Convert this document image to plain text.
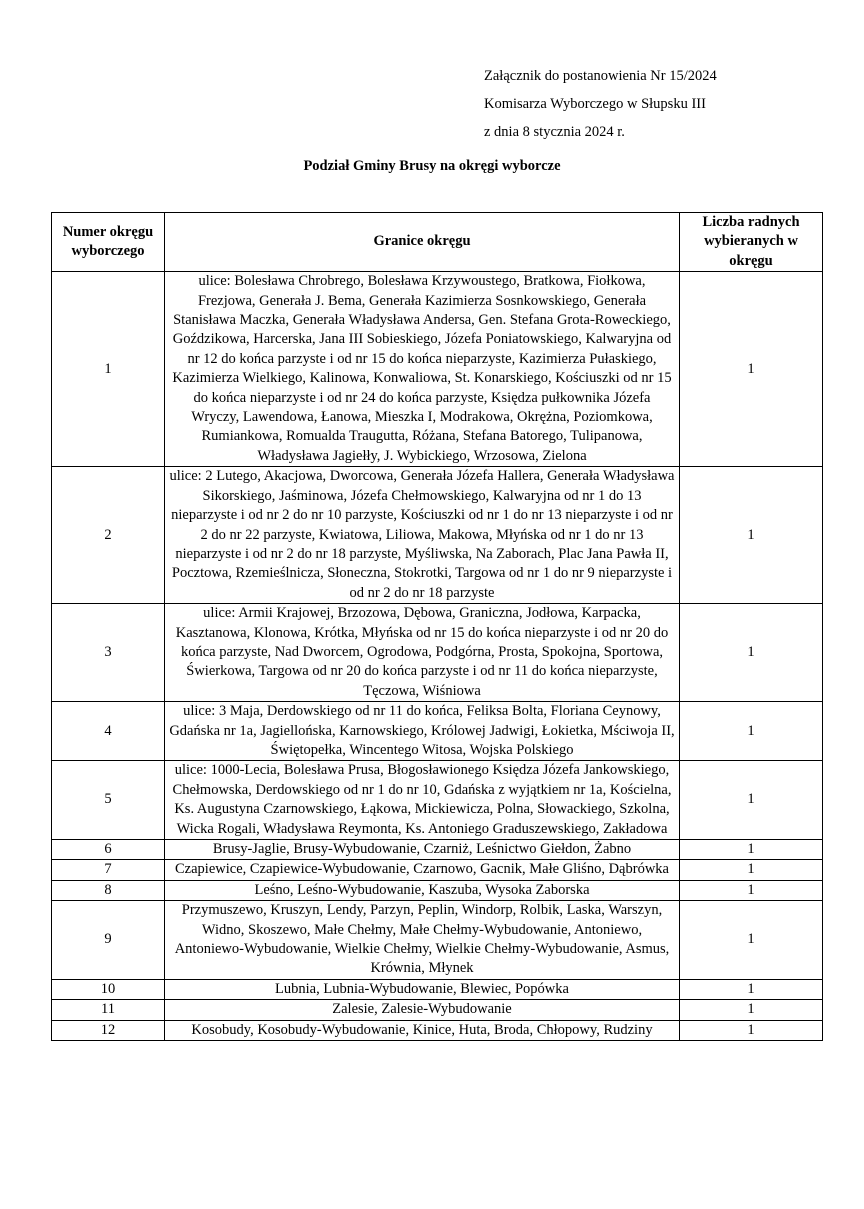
Załącznik do postanowienia Nr 15/2024
Komisarza Wyborczego w Słupsku III
z dnia 8 stycznia 2024 r.
Podział Gminy Brusy na okręgi wyborcze
Numer okręgu wyborczego	Granice okręgu	Liczba radnych wybieranych w okręgu
1	ulice: Bolesława Chrobrego, Bolesława Krzywoustego, Bratkowa, Fiołkowa, Frezjowa, Generała J. Bema, Generała Kazimierza Sosnkowskiego, Generała Stanisława Maczka, Generała Władysława Andersa, Gen. Stefana Grota-Roweckiego, Goździkowa, Harcerska, Jana III Sobieskiego, Józefa Poniatowskiego, Kalwaryjna od nr 12 do końca parzyste i od nr 15 do końca nieparzyste, Kazimierza Pułaskiego, Kazimierza Wielkiego, Kalinowa, Konwaliowa, St. Konarskiego, Kościuszki od nr 15 do końca nieparzyste i od nr 24 do końca parzyste, Księdza pułkownika Józefa Wryczy, Lawendowa, Łanowa, Mieszka I, Modrakowa, Okrężna, Poziomkowa, Rumiankowa, Romualda Traugutta, Różana, Stefana Batorego, Tulipanowa, Władysława Jagiełły, J. Wybickiego, Wrzosowa, Zielona	1
2	ulice: 2 Lutego, Akacjowa, Dworcowa, Generała Józefa Hallera, Generała Władysława Sikorskiego, Jaśminowa, Józefa Chełmowskiego, Kalwaryjna od nr 1 do 13 nieparzyste i od nr 2 do nr 10 parzyste, Kościuszki od nr 1 do nr 13 nieparzyste i od nr 2 do nr 22 parzyste, Kwiatowa, Liliowa, Makowa, Młyńska od nr 1 do nr 13 nieparzyste i od nr 2 do nr 18 parzyste, Myśliwska, Na Zaborach, Plac Jana Pawła II, Pocztowa, Rzemieślnicza, Słoneczna, Stokrotki, Targowa od nr 1 do nr 9 nieparzyste i od nr 2 do nr 18 parzyste	1
3	ulice: Armii Krajowej, Brzozowa, Dębowa, Graniczna, Jodłowa, Karpacka, Kasztanowa, Klonowa, Krótka, Młyńska od nr 15 do końca nieparzyste i od nr 20 do końca parzyste, Nad Dworcem, Ogrodowa, Podgórna, Prosta, Spokojna, Sportowa, Świerkowa, Targowa od nr 20 do końca parzyste i od nr 11 do końca nieparzyste, Tęczowa, Wiśniowa	1
4	ulice: 3 Maja, Derdowskiego od nr 11 do końca, Feliksa Bolta, Floriana Ceynowy, Gdańska nr 1a, Jagiellońska, Karnowskiego, Królowej Jadwigi, Łokietka, Mściwoja II, Świętopełka, Wincentego Witosa, Wojska Polskiego	1
5	ulice: 1000-Lecia, Bolesława Prusa, Błogosławionego Księdza Józefa Jankowskiego, Chełmowska, Derdowskiego od nr 1 do nr 10, Gdańska z wyjątkiem nr 1a, Kościelna, Ks. Augustyna Czarnowskiego, Łąkowa, Mickiewicza, Polna, Słowackiego, Szkolna, Wicka Rogali, Władysława Reymonta, Ks. Antoniego Graduszewskiego, Zakładowa	1
6	Brusy-Jaglie, Brusy-Wybudowanie, Czarniż, Leśnictwo Giełdon, Żabno	1
7	Czapiewice, Czapiewice-Wybudowanie, Czarnowo, Gacnik, Małe Gliśno, Dąbrówka	1
8	Leśno, Leśno-Wybudowanie, Kaszuba, Wysoka Zaborska	1
9	Przymuszewo, Kruszyn, Lendy, Parzyn, Peplin, Windorp, Rolbik, Laska, Warszyn, Widno, Skoszewo, Małe Chełmy, Małe Chełmy-Wybudowanie, Antoniewo, Antoniewo-Wybudowanie, Wielkie Chełmy, Wielkie Chełmy-Wybudowanie, Asmus, Krównia, Młynek	1
10	Lubnia, Lubnia-Wybudowanie, Blewiec, Popówka	1
11	Zalesie, Zalesie-Wybudowanie	1
12	Kosobudy, Kosobudy-Wybudowanie, Kinice, Huta, Broda, Chłopowy, Rudziny	1
